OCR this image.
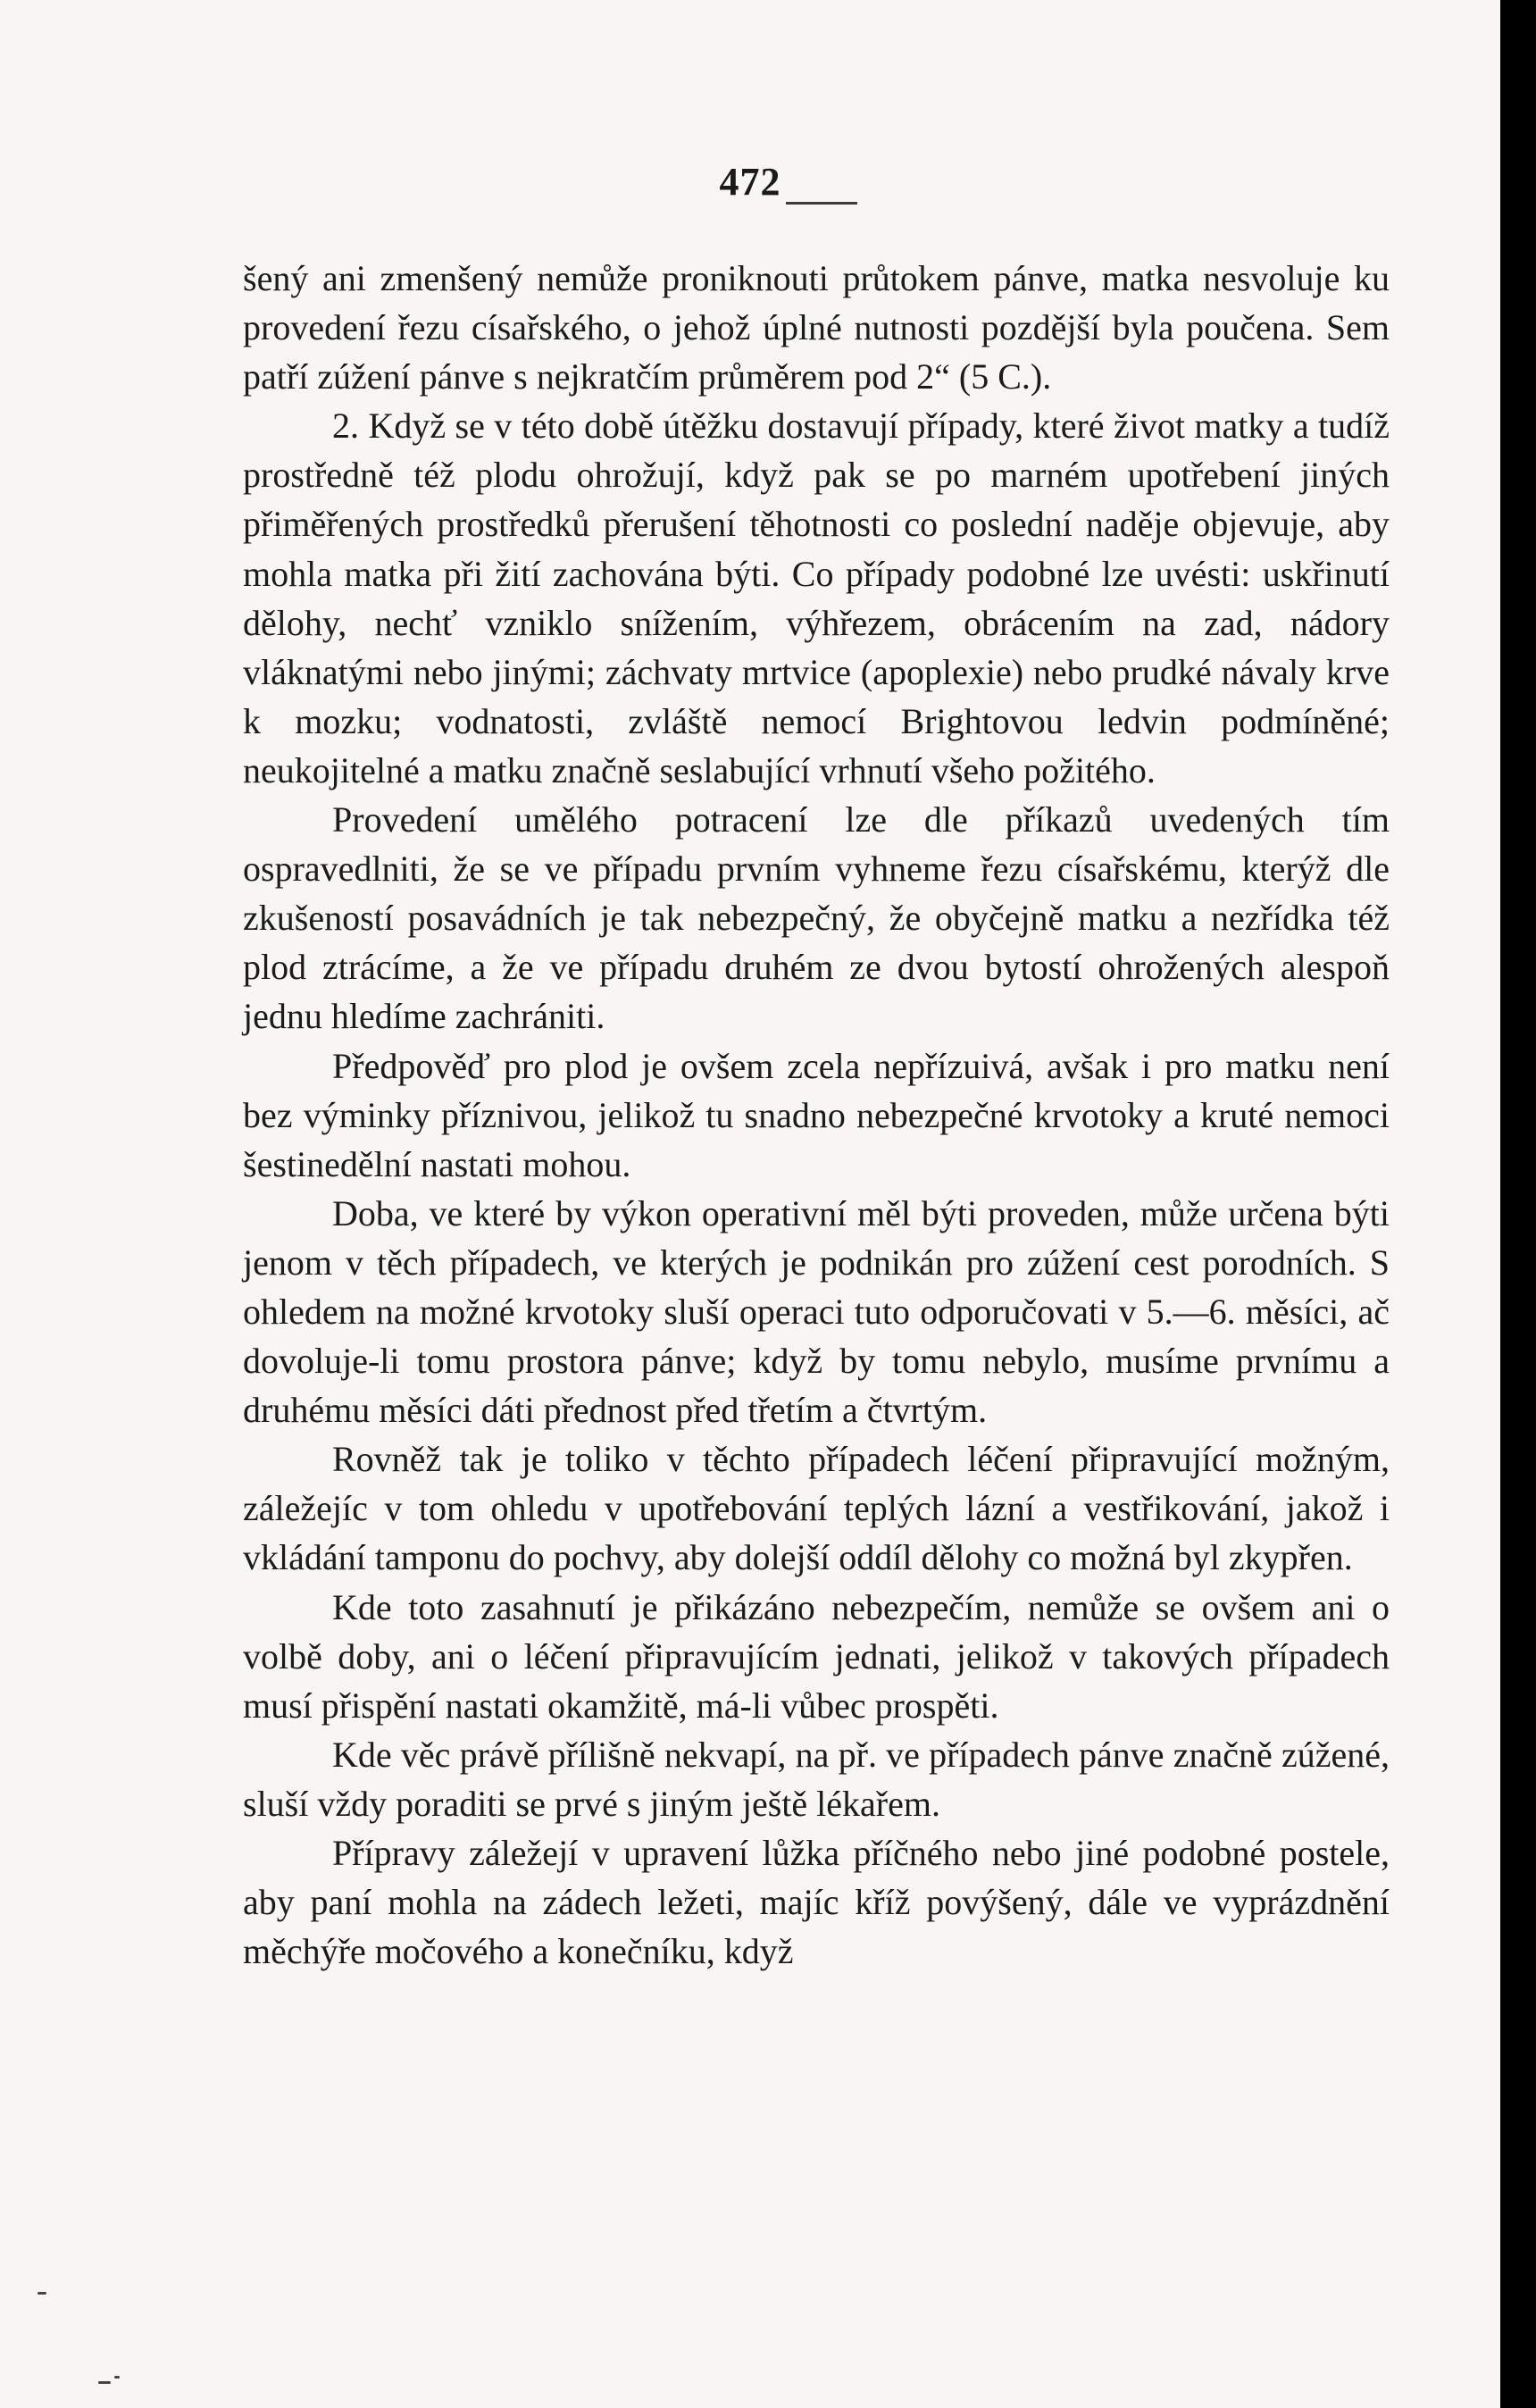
472

šený ani zmenšený nemůže proniknouti průtokem pánve, matka nesvoluje ku provedení řezu císařského, o jehož úplné nutnosti pozdější byla poučena. Sem patří zúžení pánve s nejkratčím průměrem pod 2“ (5 C.).

2. Když se v této době útěžku dostavují případy, které život matky a tudíž prostředně též plodu ohrožují, když pak se po marném upotřebení jiných přiměřených prostředků přerušení těhotnosti co poslední naděje objevuje, aby mohla matka při žití zachována býti. Co případy podobné lze uvésti: uskřinutí dělohy, nechť vzniklo snížením, výhřezem, obrácením na zad, nádory vláknatými nebo jinými; záchvaty mrtvice (apoplexie) nebo prudké návaly krve k mozku; vodnatosti, zvláště nemocí Brightovou ledvin podmíněné; neukojitelné a matku značně seslabující vrhnutí všeho požitého.

Provedení umělého potracení lze dle příkazů uvedených tím ospravedlniti, že se ve případu prvním vyhneme řezu císařskému, kterýž dle zkušeností posavádních je tak nebezpečný, že obyčejně matku a nezřídka též plod ztrácíme, a že ve případu druhém ze dvou bytostí ohrožených alespoň jednu hledíme zachrániti.

Předpověď pro plod je ovšem zcela nepřízuivá, avšak i pro matku není bez výminky příznivou, jelikož tu snadno nebezpečné krvotoky a kruté nemoci šestinedělní nastati mohou.

Doba, ve které by výkon operativní měl býti proveden, může určena býti jenom v těch případech, ve kterých je podnikán pro zúžení cest porodních. S ohledem na možné krvotoky sluší operaci tuto odporučovati v 5.—6. měsíci, ač dovoluje-li tomu prostora pánve; když by tomu nebylo, musíme prvnímu a druhému měsíci dáti přednost před třetím a čtvrtým.

Rovněž tak je toliko v těchto případech léčení připravující možným, záležejíc v tom ohledu v upotřebování teplých lázní a vestřikování, jakož i vkládání tamponu do pochvy, aby dolejší oddíl dělohy co možná byl zkypřen.

Kde toto zasahnutí je přikázáno nebezpečím, nemůže se ovšem ani o volbě doby, ani o léčení připravujícím jednati, jelikož v takových případech musí přispění nastati okamžitě, má-li vůbec prospěti.

Kde věc právě přílišně nekvapí, na př. ve případech pánve značně zúžené, sluší vždy poraditi se prvé s jiným ještě lékařem.

Přípravy záležejí v upravení lůžka příčného nebo jiné podobné postele, aby paní mohla na zádech ležeti, majíc kříž povýšený, dále ve vyprázdnění měchýře močového a konečníku, když
